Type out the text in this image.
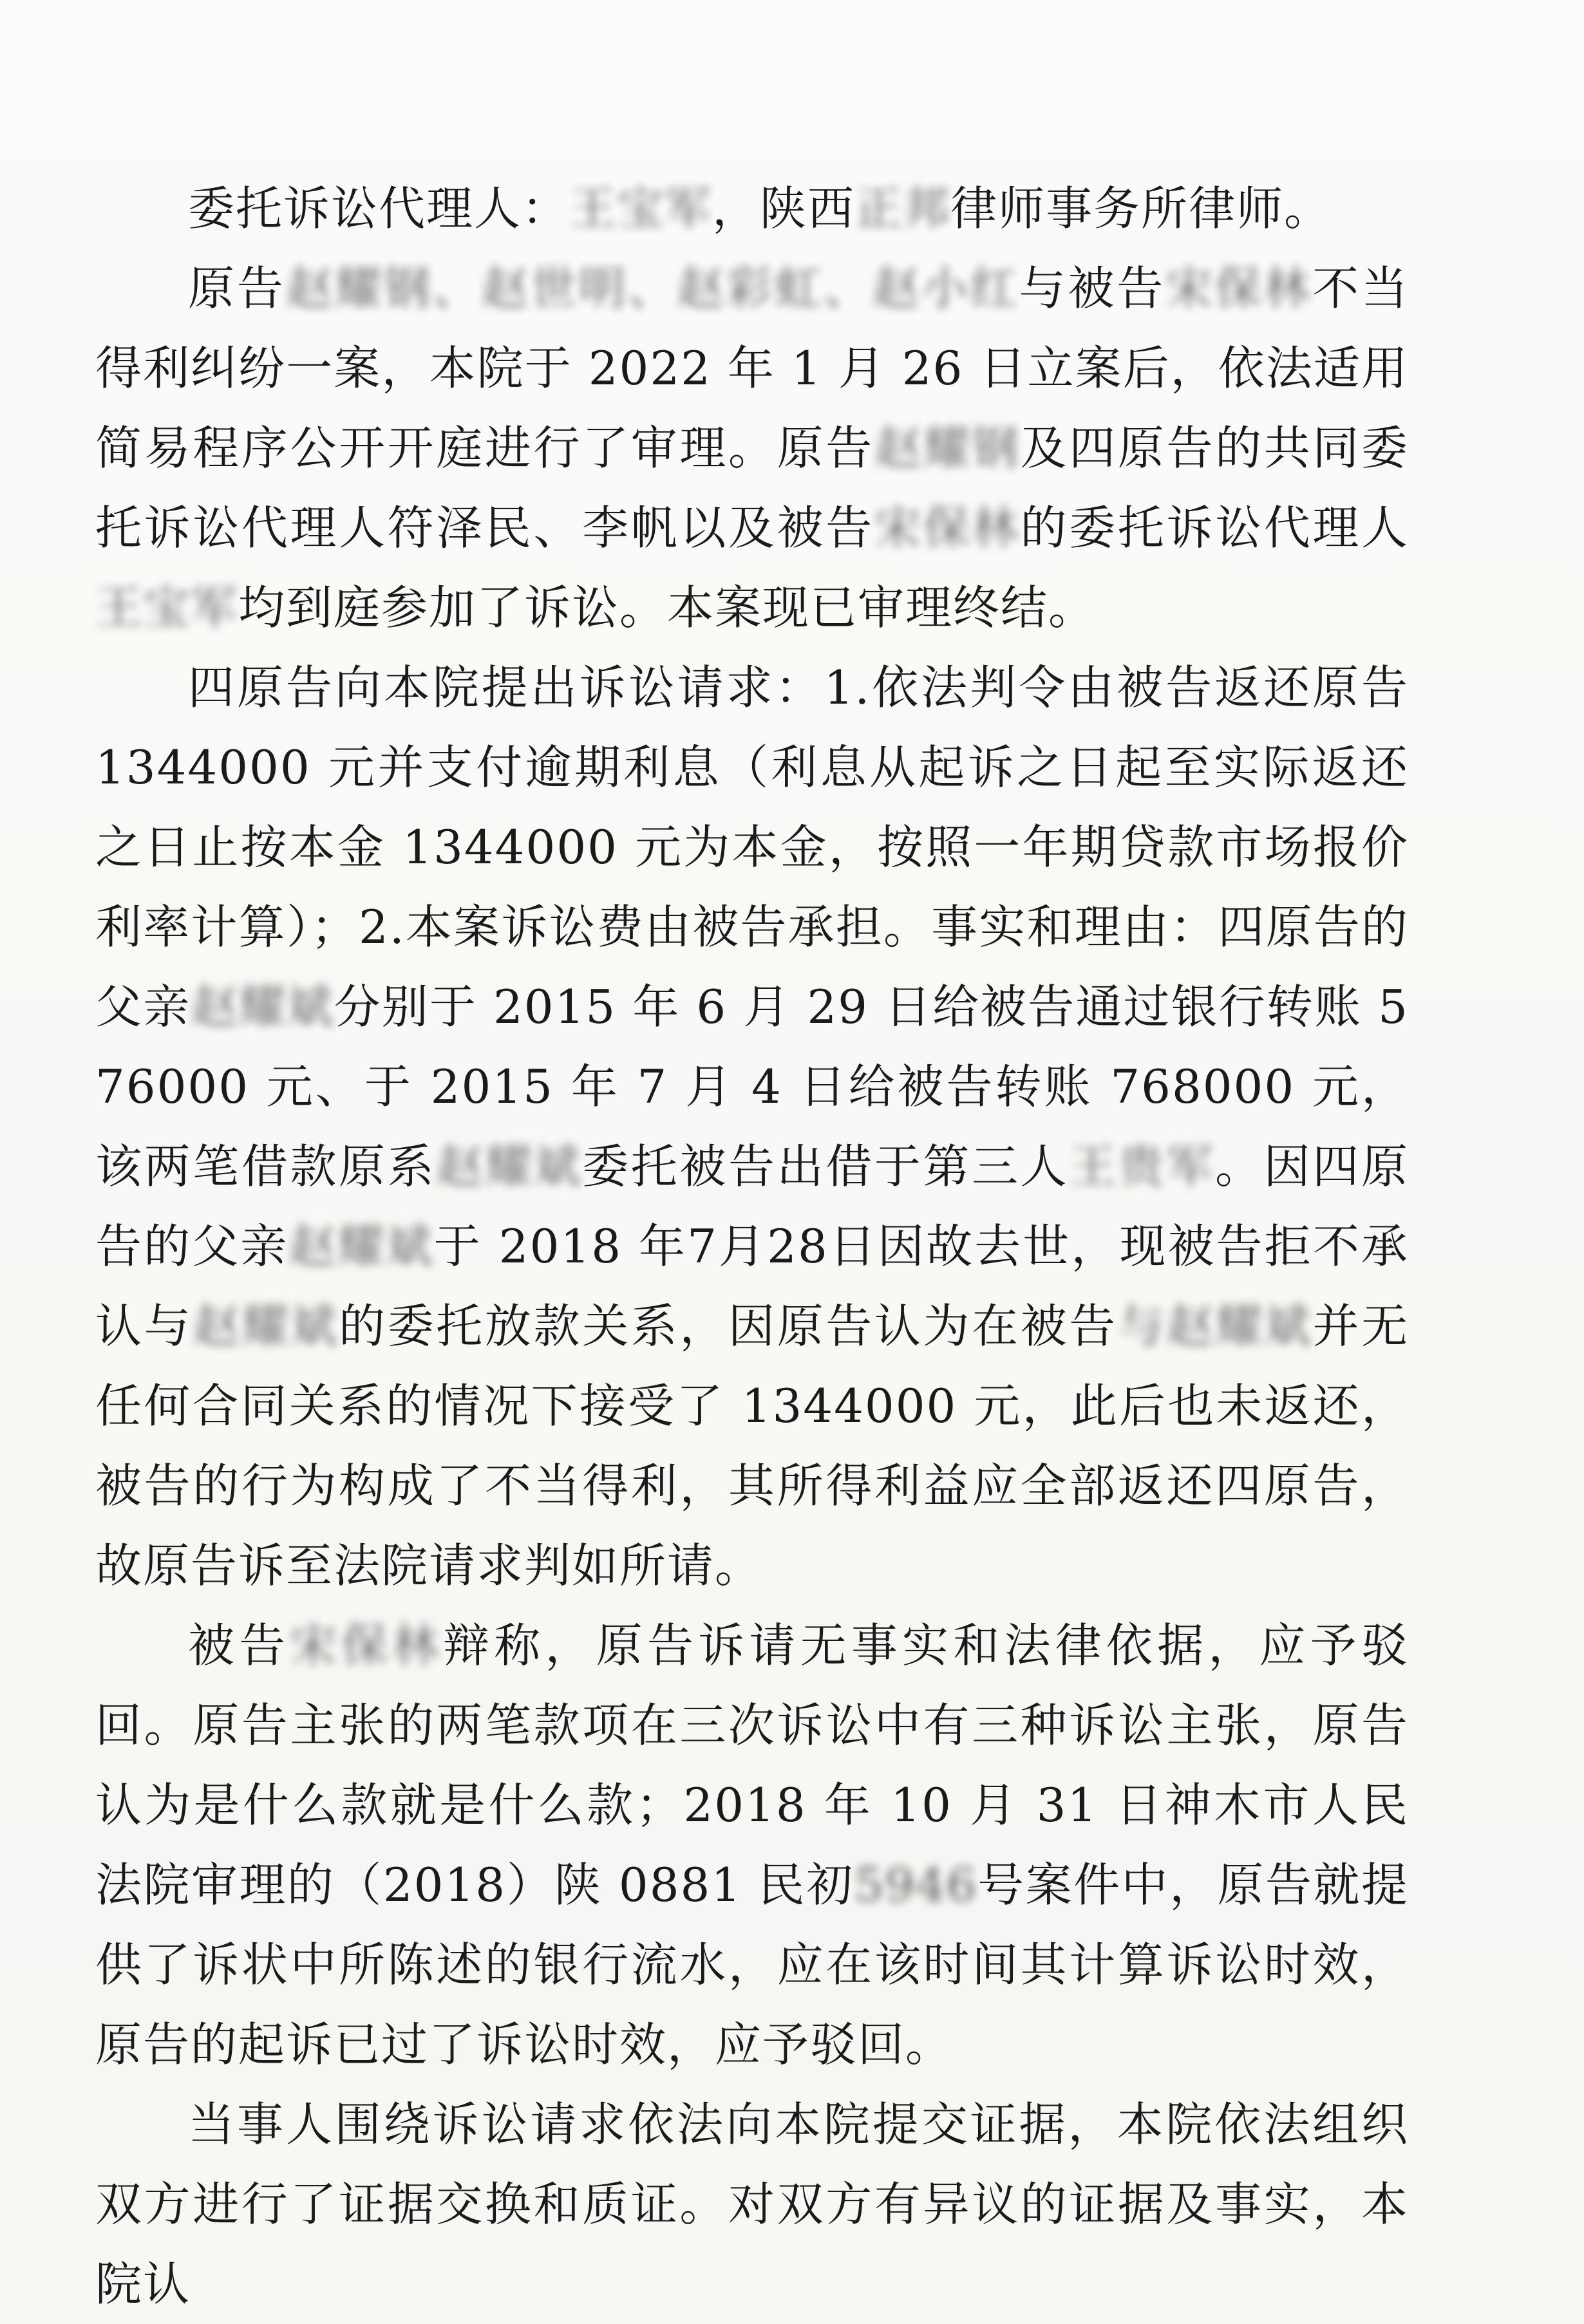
委托诉讼代理人：王宝军，陕西正邦律师事务所律师。

原告赵耀钢、赵世明、赵彩虹、赵小红与被告宋保林不当得利纠纷一案，本院于 2022 年 1 月 26 日立案后，依法适用简易程序公开开庭进行了审理。原告赵耀钢及四原告的共同委托诉讼代理人符泽民、李帆以及被告宋保林的委托诉讼代理人王宝军均到庭参加了诉讼。本案现已审理终结。

四原告向本院提出诉讼请求：1.依法判令由被告返还原告 1344000 元并支付逾期利息（利息从起诉之日起至实际返还之日止按本金 1344000 元为本金，按照一年期贷款市场报价利率计算）；2.本案诉讼费由被告承担。事实和理由：四原告的父亲赵耀斌分别于 2015 年 6 月 29 日给被告通过银行转账 576000 元、于 2015 年 7 月 4 日给被告转账 768000 元，该两笔借款原系赵耀斌委托被告出借于第三人王贵军。因四原告的父亲赵耀斌于 2018 年7月28日因故去世，现被告拒不承认与赵耀斌的委托放款关系，因原告认为在被告与赵耀斌并无任何合同关系的情况下接受了 1344000 元，此后也未返还，被告的行为构成了不当得利，其所得利益应全部返还四原告，故原告诉至法院请求判如所请。

被告宋保林辩称，原告诉请无事实和法律依据，应予驳回。原告主张的两笔款项在三次诉讼中有三种诉讼主张，原告认为是什么款就是什么款；2018 年 10 月 31 日神木市人民法院审理的（2018）陕 0881 民初5946号案件中，原告就提供了诉状中所陈述的银行流水，应在该时间其计算诉讼时效，原告的起诉已过了诉讼时效，应予驳回。

当事人围绕诉讼请求依法向本院提交证据，本院依法组织双方进行了证据交换和质证。对双方有异议的证据及事实，本院认
